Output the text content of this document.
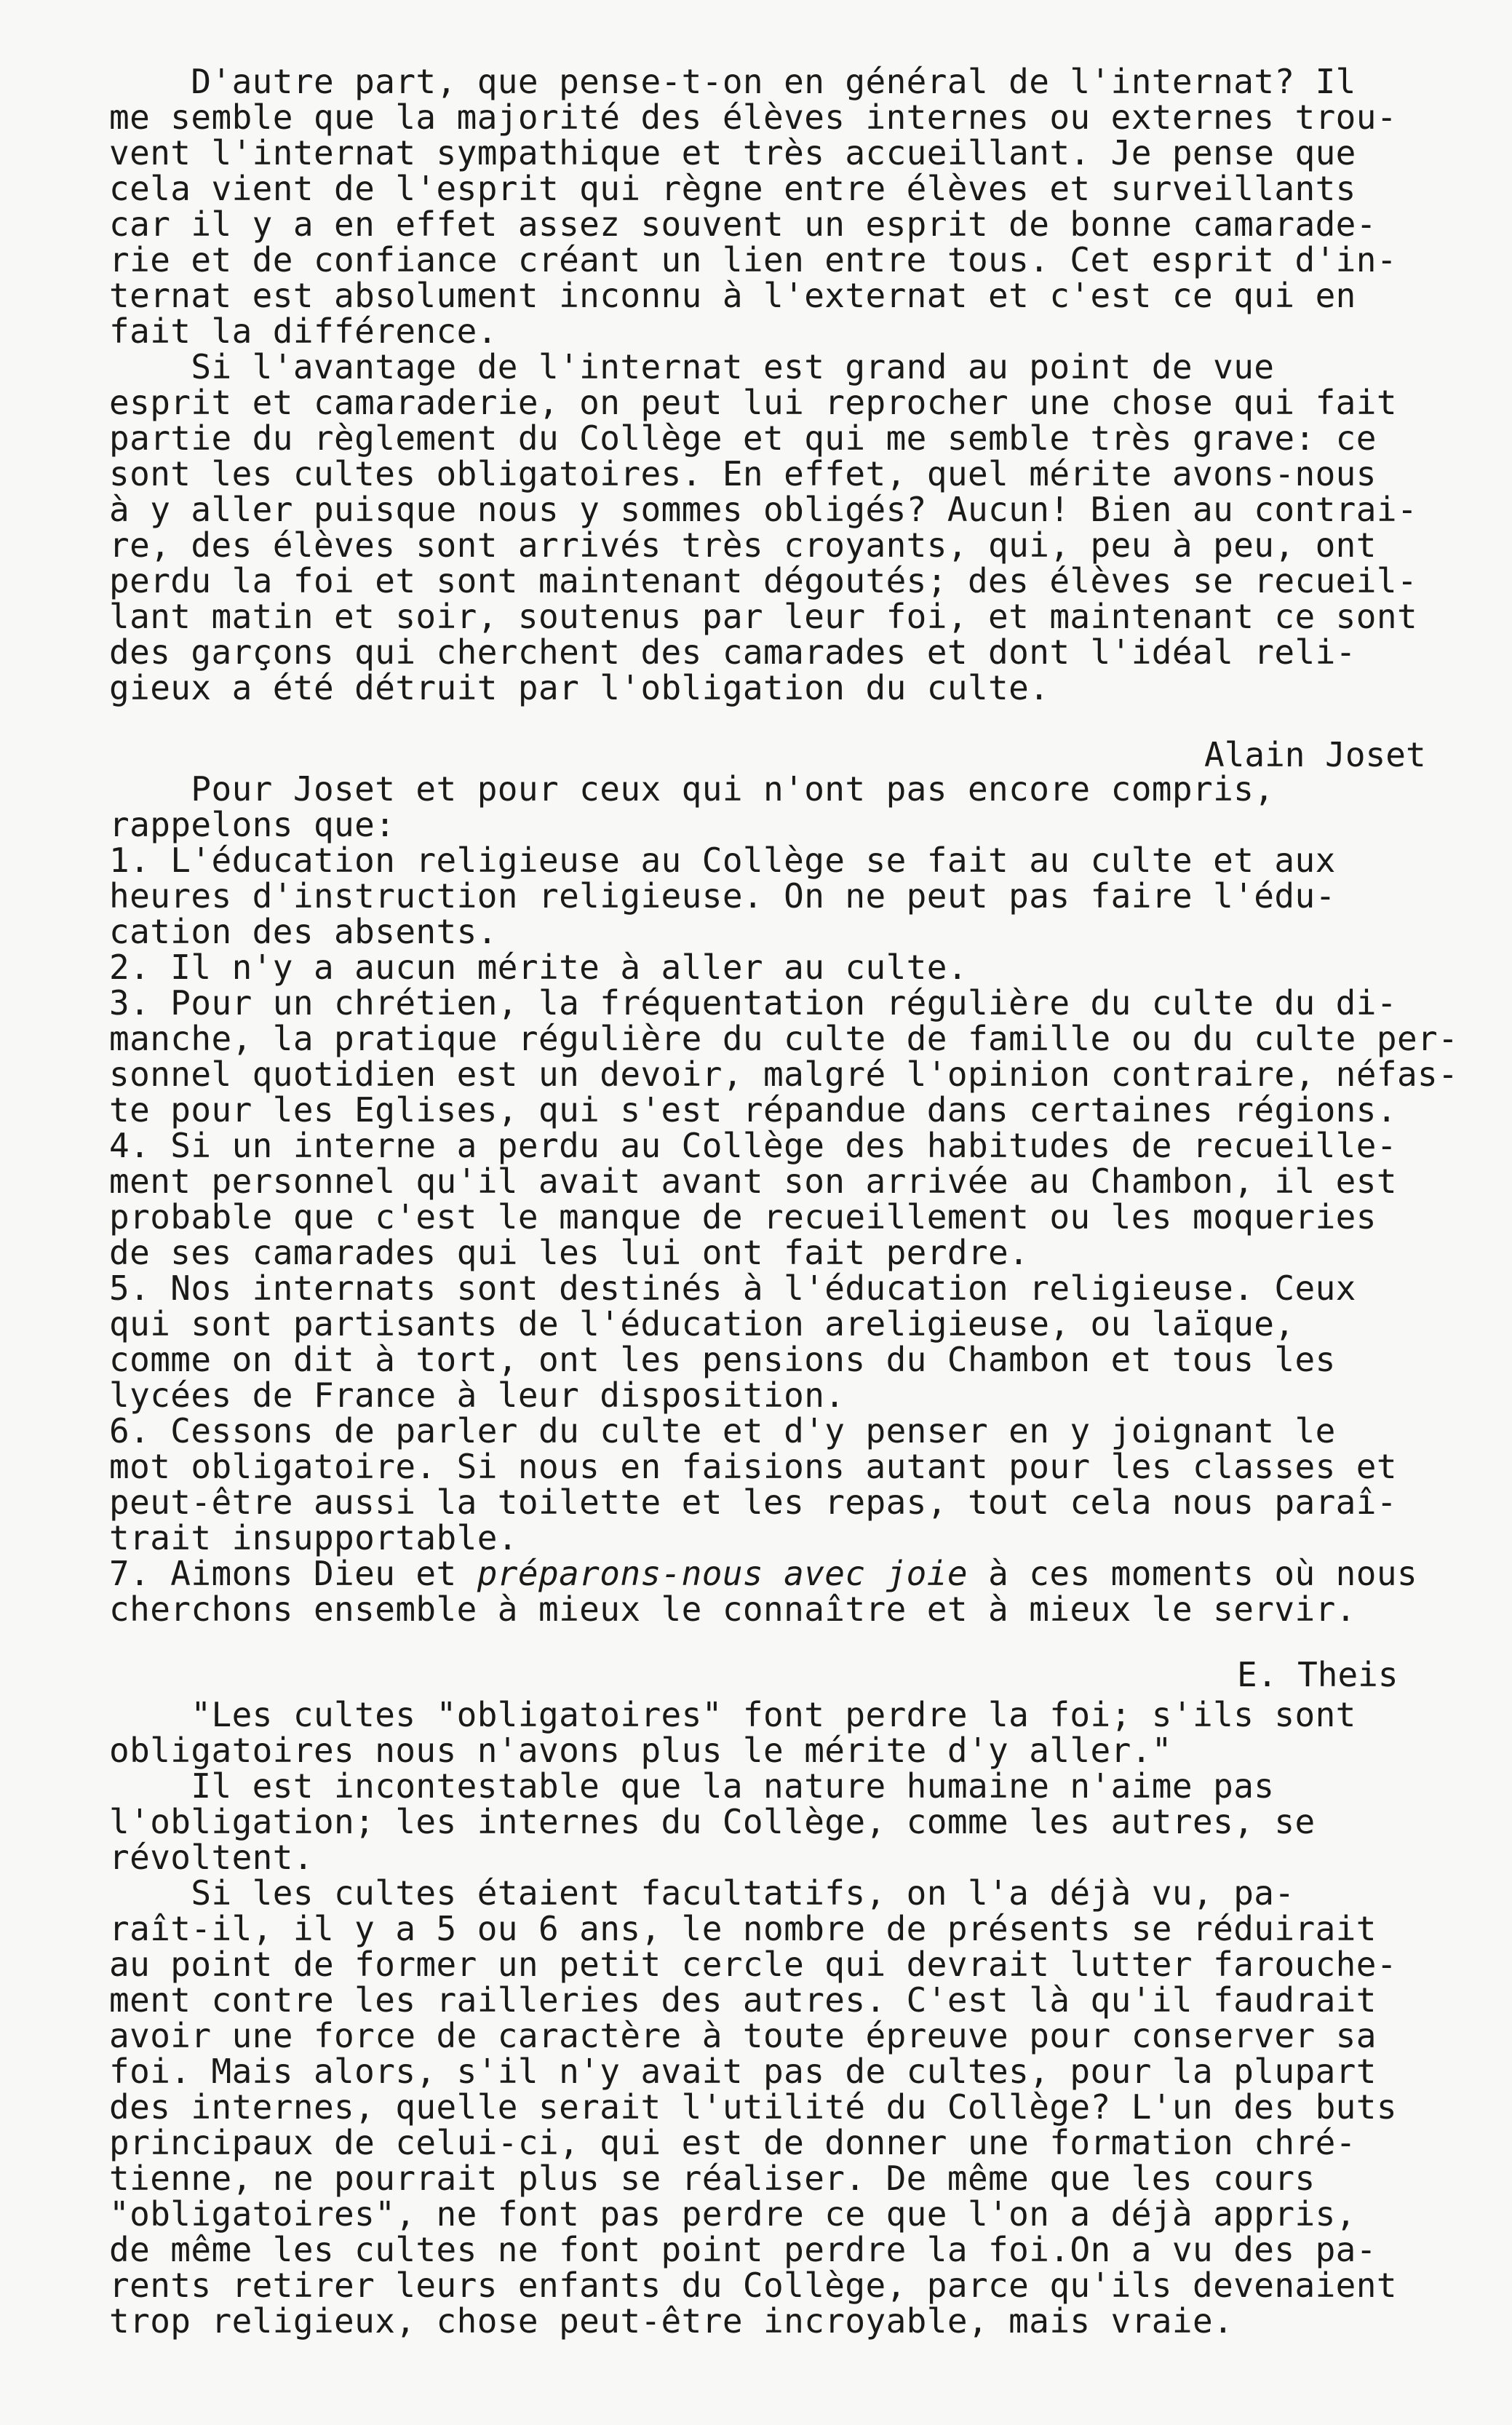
D'autre part, que pense-t-on en général de l'internat? Il
me semble que la majorité des élèves internes ou externes trou-
vent l'internat sympathique et très accueillant. Je pense que
cela vient de l'esprit qui règne entre élèves et surveillants
car il y a en effet assez souvent un esprit de bonne camarade-
rie et de confiance créant un lien entre tous. Cet esprit d'in-
ternat est absolument inconnu à l'externat et c'est ce qui en
fait la différence.
Si l'avantage de l'internat est grand au point de vue
esprit et camaraderie, on peut lui reprocher une chose qui fait
partie du règlement du Collège et qui me semble très grave: ce
sont les cultes obligatoires. En effet, quel mérite avons-nous
à y aller puisque nous y sommes obligés? Aucun! Bien au contrai-
re, des élèves sont arrivés très croyants, qui, peu à peu, ont
perdu la foi et sont maintenant dégoutés; des élèves se recueil-
lant matin et soir, soutenus par leur foi, et maintenant ce sont
des garçons qui cherchent des camarades et dont l'idéal reli-
gieux a été détruit par l'obligation du culte.
Alain Joset
Pour Joset et pour ceux qui n'ont pas encore compris,
rappelons que:
1. L'éducation religieuse au Collège se fait au culte et aux
heures d'instruction religieuse. On ne peut pas faire l'édu-
cation des absents.
2. Il n'y a aucun mérite à aller au culte.
3. Pour un chrétien, la fréquentation régulière du culte du di-
manche, la pratique régulière du culte de famille ou du culte per-
sonnel quotidien est un devoir, malgré l'opinion contraire, néfas-
te pour les Eglises, qui s'est répandue dans certaines régions.
4. Si un interne a perdu au Collège des habitudes de recueille-
ment personnel qu'il avait avant son arrivée au Chambon, il est
probable que c'est le manque de recueillement ou les moqueries
de ses camarades qui les lui ont fait perdre.
5. Nos internats sont destinés à l'éducation religieuse. Ceux
qui sont partisants de l'éducation areligieuse, ou laïque,
comme on dit à tort, ont les pensions du Chambon et tous les
lycées de France à leur disposition.
6. Cessons de parler du culte et d'y penser en y joignant le
mot obligatoire. Si nous en faisions autant pour les classes et
peut-être aussi la toilette et les repas, tout cela nous paraî-
trait insupportable.
7. Aimons Dieu et préparons-nous avec joie à ces moments où nous
cherchons ensemble à mieux le connaître et à mieux le servir.
E. Theis
"Les cultes "obligatoires" font perdre la foi; s'ils sont
obligatoires nous n'avons plus le mérite d'y aller."
Il est incontestable que la nature humaine n'aime pas
l'obligation; les internes du Collège, comme les autres, se
révoltent.
Si les cultes étaient facultatifs, on l'a déjà vu, pa-
raît-il, il y a 5 ou 6 ans, le nombre de présents se réduirait
au point de former un petit cercle qui devrait lutter farouche-
ment contre les railleries des autres. C'est là qu'il faudrait
avoir une force de caractère à toute épreuve pour conserver sa
foi. Mais alors, s'il n'y avait pas de cultes, pour la plupart
des internes, quelle serait l'utilité du Collège? L'un des buts
principaux de celui-ci, qui est de donner une formation chré-
tienne, ne pourrait plus se réaliser. De même que les cours
"obligatoires", ne font pas perdre ce que l'on a déjà appris,
de même les cultes ne font point perdre la foi.On a vu des pa-
rents retirer leurs enfants du Collège, parce qu'ils devenaient
trop religieux, chose peut-être incroyable, mais vraie.
